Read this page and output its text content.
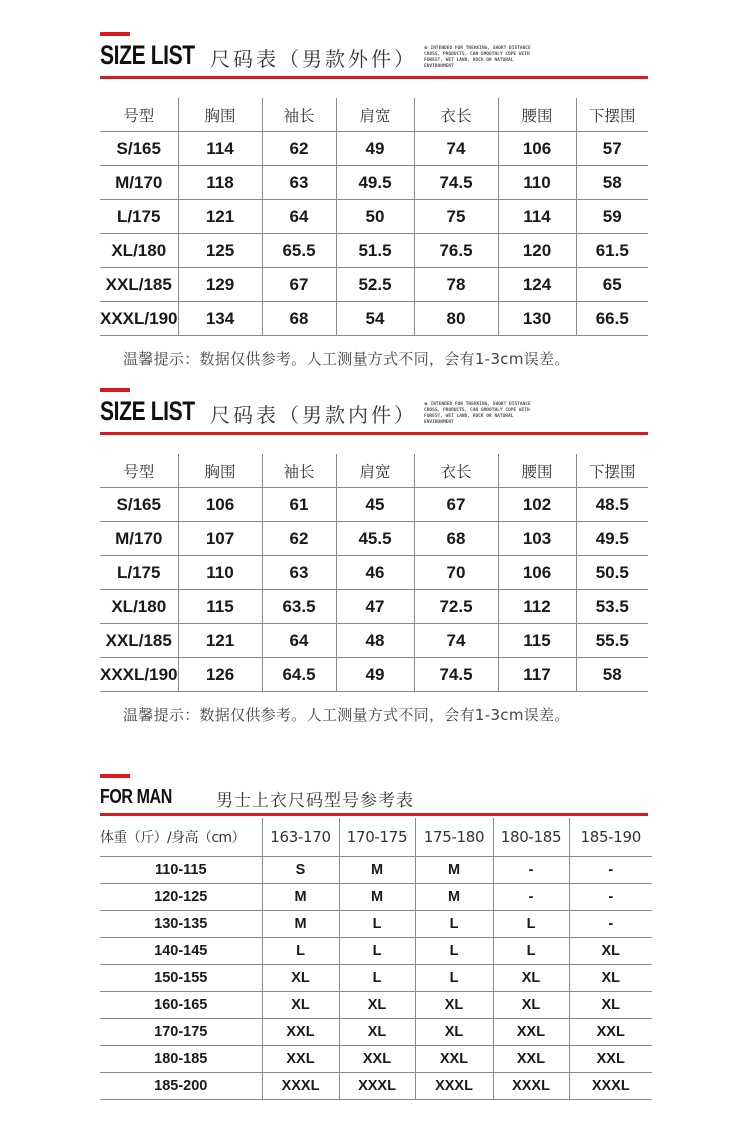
SIZE LIST 尺码表（男款外件） ※ INTENDED FOR TREKKING, SHORT DISTANCE CROSS, PRODUCTS, CAN SMOOTHLY COPE WITH FOREST, WET LAND, ROCK OR NATURAL ENVIRONMENT
号型	胸围	袖长	肩宽	衣长	腰围	下摆围
S/165	114	62	49	74	106	57
M/170	118	63	49.5	74.5	110	58
L/175	121	64	50	75	114	59
XL/180	125	65.5	51.5	76.5	120	61.5
XXL/185	129	67	52.5	78	124	65
XXXL/190	134	68	54	80	130	66.5
温馨提示：数据仅供参考。人工测量方式不同，会有1-3cm误差。
SIZE LIST 尺码表（男款内件） ※ INTENDED FOR TREKKING, SHORT DISTANCE CROSS, PRODUCTS, CAN SMOOTHLY COPE WITH FOREST, WET LAND, ROCK OR NATURAL ENVIRONMENT
号型	胸围	袖长	肩宽	衣长	腰围	下摆围
S/165	106	61	45	67	102	48.5
M/170	107	62	45.5	68	103	49.5
L/175	110	63	46	70	106	50.5
XL/180	115	63.5	47	72.5	112	53.5
XXL/185	121	64	48	74	115	55.5
XXXL/190	126	64.5	49	74.5	117	58
温馨提示：数据仅供参考。人工测量方式不同，会有1-3cm误差。
FOR MAN	男士上衣尺码型号参考表
体重（斤）/身高（cm）	163-170	170-175	175-180	180-185	185-190
110-115	S	M	M	-	-
120-125	M	M	M	-	-
130-135	M	L	L	L	-
140-145	L	L	L	L	XL
150-155	XL	L	L	XL	XL
160-165	XL	XL	XL	XL	XL
170-175	XXL	XL	XL	XXL	XXL
180-185	XXL	XXL	XXL	XXL	XXL
185-200	XXXL	XXXL	XXXL	XXXL	XXXL
